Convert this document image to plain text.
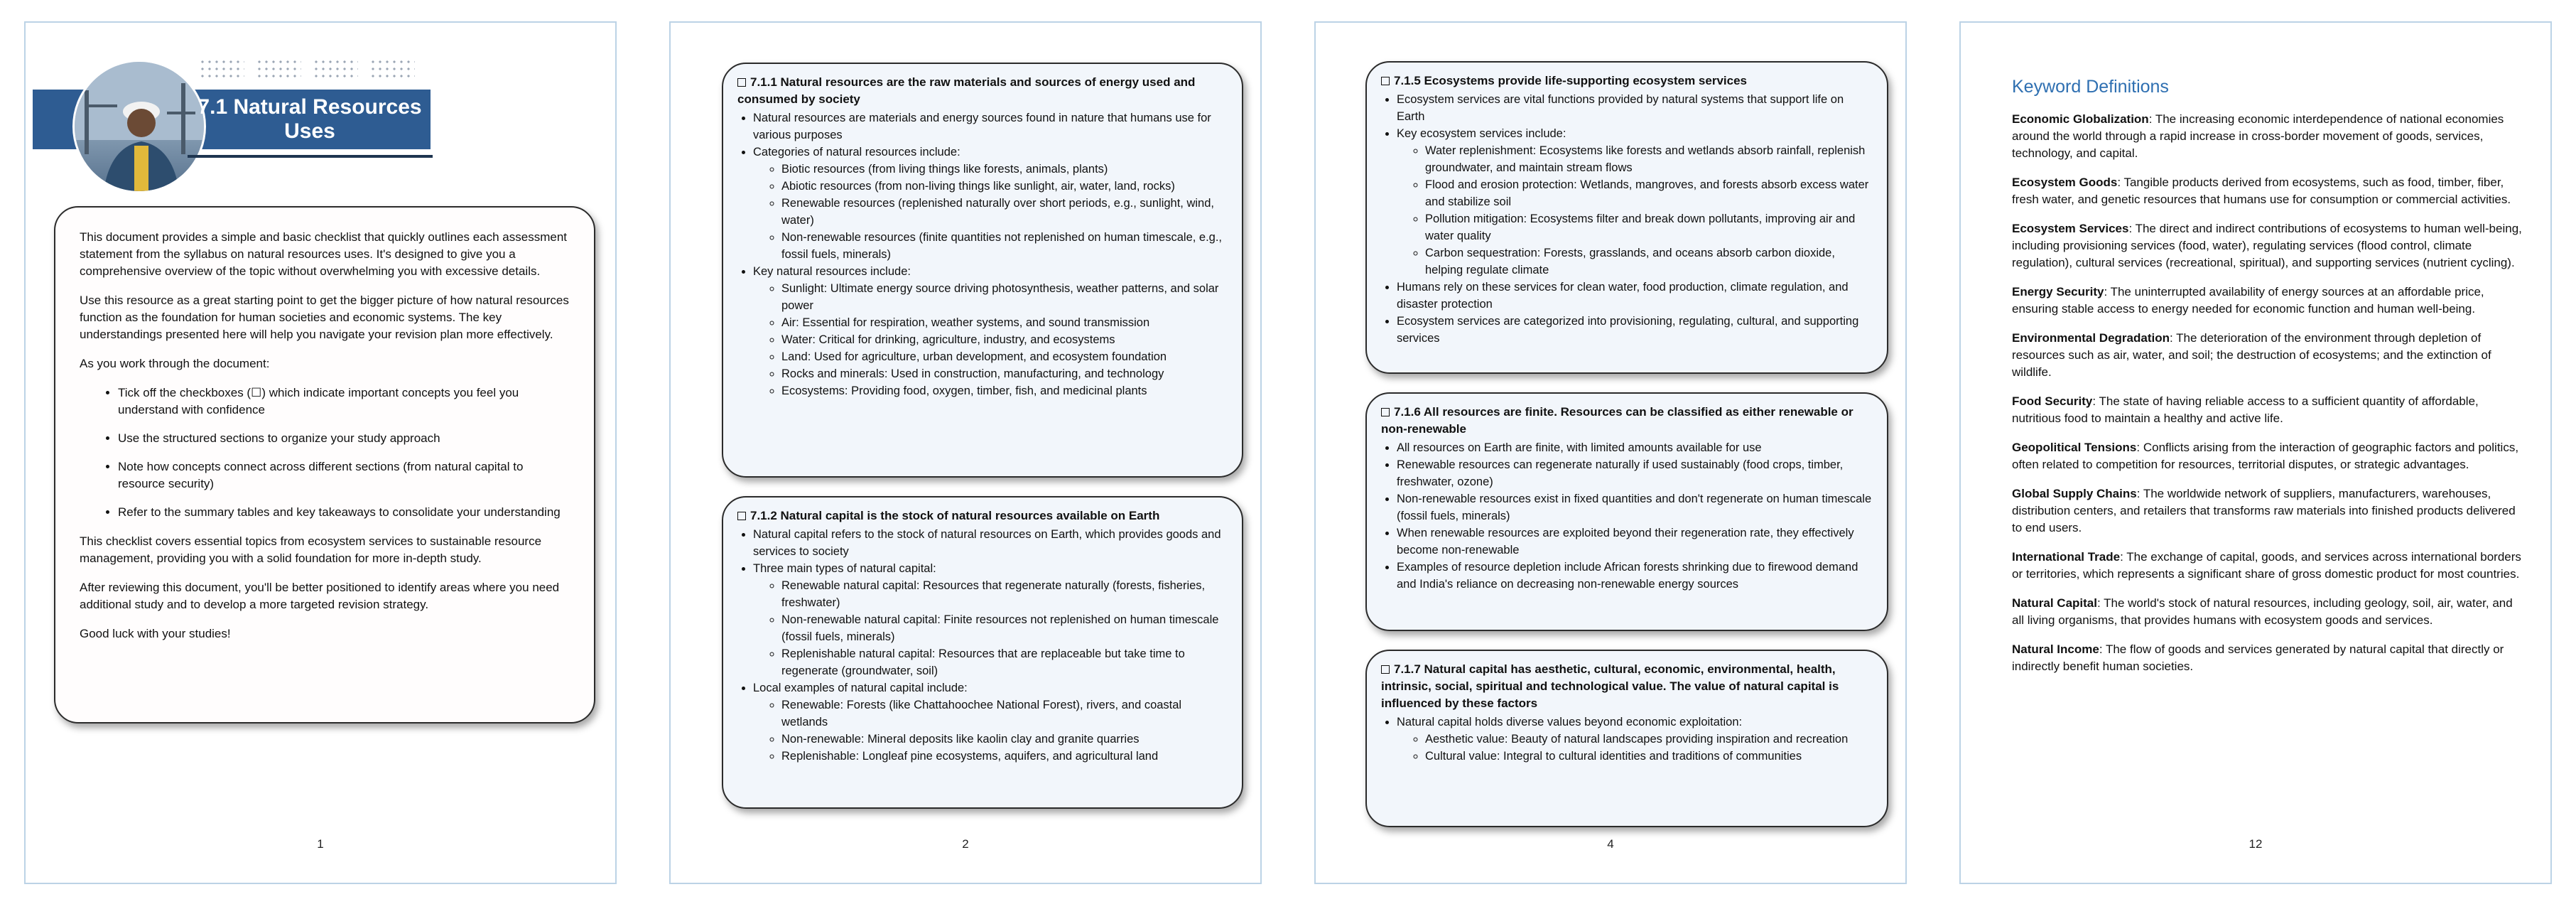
7.1 Natural Resources
Uses

This document provides a simple and basic checklist that quickly outlines each assessment statement from the syllabus on natural resources uses. It's designed to give you a comprehensive overview of the topic without overwhelming you with excessive details.

Use this resource as a great starting point to get the bigger picture of how natural resources function as the foundation for human societies and economic systems. The key understandings presented here will help you navigate your revision plan more effectively.

As you work through the document:

• Tick off the checkboxes (☐) which indicate important concepts you feel you understand with confidence
• Use the structured sections to organize your study approach
• Note how concepts connect across different sections (from natural capital to resource security)
• Refer to the summary tables and key takeaways to consolidate your understanding

This checklist covers essential topics from ecosystem services to sustainable resource management, providing you with a solid foundation for more in-depth study.

After reviewing this document, you'll be better positioned to identify areas where you need additional study and to develop a more targeted revision strategy.

Good luck with your studies!

1
7.1.1 Natural resources are the raw materials and sources of energy used and consumed by society
• Natural resources are materials and energy sources found in nature that humans use for various purposes
• Categories of natural resources include:
◦ Biotic resources (from living things like forests, animals, plants)
◦ Abiotic resources (from non-living things like sunlight, air, water, land, rocks)
◦ Renewable resources (replenished naturally over short periods, e.g., sunlight, wind, water)
◦ Non-renewable resources (finite quantities not replenished on human timescale, e.g., fossil fuels, minerals)
• Key natural resources include:
◦ Sunlight: Ultimate energy source driving photosynthesis, weather patterns, and solar power
◦ Air: Essential for respiration, weather systems, and sound transmission
◦ Water: Critical for drinking, agriculture, industry, and ecosystems
◦ Land: Used for agriculture, urban development, and ecosystem foundation
◦ Rocks and minerals: Used in construction, manufacturing, and technology
◦ Ecosystems: Providing food, oxygen, timber, fish, and medicinal plants
7.1.2 Natural capital is the stock of natural resources available on Earth
• Natural capital refers to the stock of natural resources on Earth, which provides goods and services to society
• Three main types of natural capital:
◦ Renewable natural capital: Resources that regenerate naturally (forests, fisheries, freshwater)
◦ Non-renewable natural capital: Finite resources not replenished on human timescale (fossil fuels, minerals)
◦ Replenishable natural capital: Resources that are replaceable but take time to regenerate (groundwater, soil)
• Local examples of natural capital include:
◦ Renewable: Forests (like Chattahoochee National Forest), rivers, and coastal wetlands
◦ Non-renewable: Mineral deposits like kaolin clay and granite quarries
◦ Replenishable: Longleaf pine ecosystems, aquifers, and agricultural land
2
7.1.5 Ecosystems provide life-supporting ecosystem services
• Ecosystem services are vital functions provided by natural systems that support life on Earth
• Key ecosystem services include:
◦ Water replenishment: Ecosystems like forests and wetlands absorb rainfall, replenish groundwater, and maintain stream flows
◦ Flood and erosion protection: Wetlands, mangroves, and forests absorb excess water and stabilize soil
◦ Pollution mitigation: Ecosystems filter and break down pollutants, improving air and water quality
◦ Carbon sequestration: Forests, grasslands, and oceans absorb carbon dioxide, helping regulate climate
• Humans rely on these services for clean water, food production, climate regulation, and disaster protection
• Ecosystem services are categorized into provisioning, regulating, cultural, and supporting services
7.1.6 All resources are finite. Resources can be classified as either renewable or non-renewable
• All resources on Earth are finite, with limited amounts available for use
• Renewable resources can regenerate naturally if used sustainably (food crops, timber, freshwater, ozone)
• Non-renewable resources exist in fixed quantities and don't regenerate on human timescale (fossil fuels, minerals)
• When renewable resources are exploited beyond their regeneration rate, they effectively become non-renewable
• Examples of resource depletion include African forests shrinking due to firewood demand and India's reliance on decreasing non-renewable energy sources
7.1.7 Natural capital has aesthetic, cultural, economic, environmental, health, intrinsic, social, spiritual and technological value. The value of natural capital is influenced by these factors
• Natural capital holds diverse values beyond economic exploitation:
◦ Aesthetic value: Beauty of natural landscapes providing inspiration and recreation
◦ Cultural value: Integral to cultural identities and traditions of communities
4
Keyword Definitions

Economic Globalization: The increasing economic interdependence of national economies around the world through a rapid increase in cross-border movement of goods, services, technology, and capital.

Ecosystem Goods: Tangible products derived from ecosystems, such as food, timber, fiber, fresh water, and genetic resources that humans use for consumption or commercial activities.

Ecosystem Services: The direct and indirect contributions of ecosystems to human well-being, including provisioning services (food, water), regulating services (flood control, climate regulation), cultural services (recreational, spiritual), and supporting services (nutrient cycling).

Energy Security: The uninterrupted availability of energy sources at an affordable price, ensuring stable access to energy needed for economic function and human well-being.

Environmental Degradation: The deterioration of the environment through depletion of resources such as air, water, and soil; the destruction of ecosystems; and the extinction of wildlife.

Food Security: The state of having reliable access to a sufficient quantity of affordable, nutritious food to maintain a healthy and active life.

Geopolitical Tensions: Conflicts arising from the interaction of geographic factors and politics, often related to competition for resources, territorial disputes, or strategic advantages.

Global Supply Chains: The worldwide network of suppliers, manufacturers, warehouses, distribution centers, and retailers that transforms raw materials into finished products delivered to end users.

International Trade: The exchange of capital, goods, and services across international borders or territories, which represents a significant share of gross domestic product for most countries.

Natural Capital: The world's stock of natural resources, including geology, soil, air, water, and all living organisms, that provides humans with ecosystem goods and services.

Natural Income: The flow of goods and services generated by natural capital that directly or indirectly benefit human societies.

12
